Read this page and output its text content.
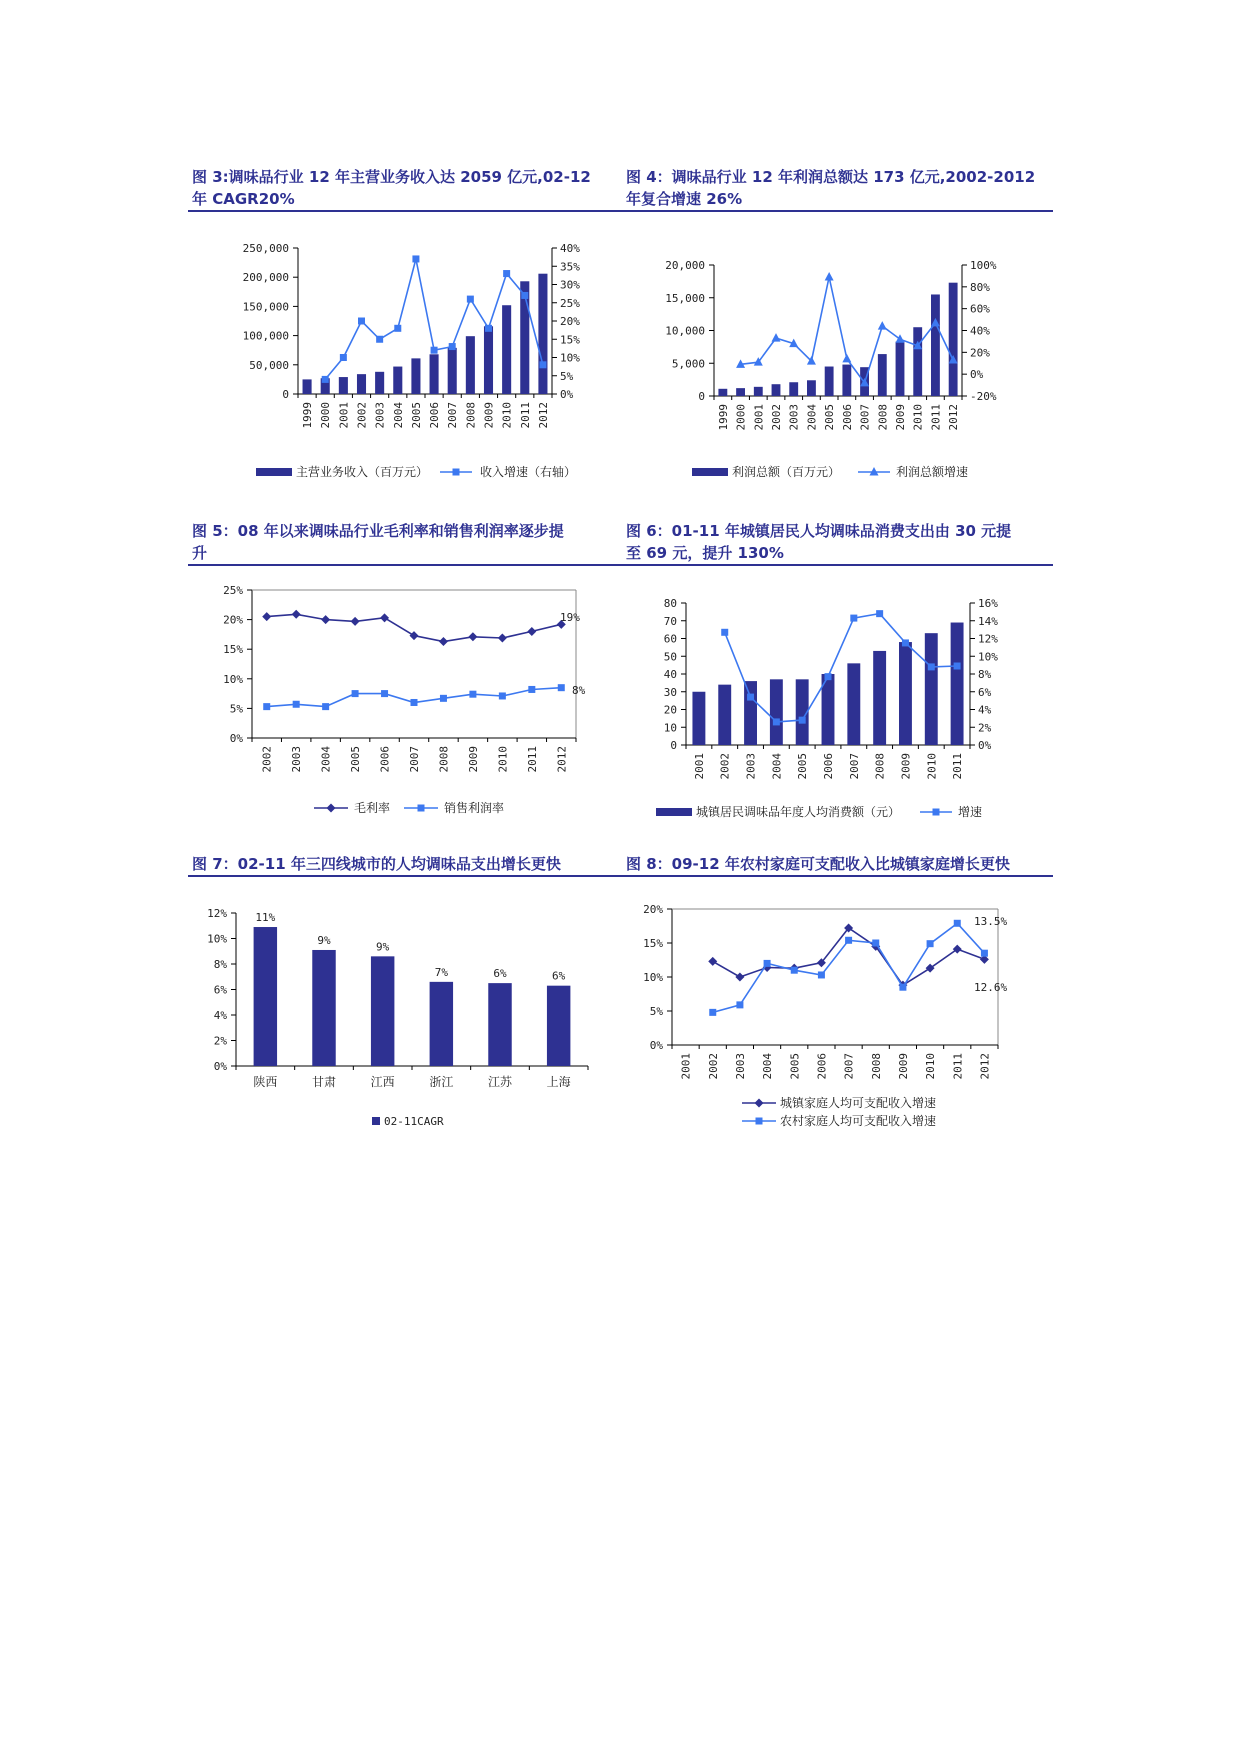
图 3:调味品行业 12 年主营业务收入达 2059 亿元,02-12
年 CAGR20%
图 4：调味品行业 12 年利润总额达 173 亿元,2002-2012
年复合增速 26%
图 5：08 年以来调味品行业毛利率和销售利润率逐步提
升
图 6：01-11 年城镇居民人均调味品消费支出由 30 元提
至 69 元，提升 130%
图 7：02-11 年三四线城市的人均调味品支出增长更快	图 8：09-12 年农村家庭可支配收入比城镇家庭增长更快
0
50,000
100,000
150,000
200,000
250,000
0%
5%
10%
15%
20%
25%
30%
35%
40%
1999 2000 2001 2002 2003 2004 2005 2006 2007 2008 2009 2010 2011 2012
主营业务收入（百万元）	收入增速（右轴）
0
5,000
10,000
15,000
20,000
-20%
0%
20%
40%
60%
80%
100%
1999 2000 2001 2002 2003 2004 2005 2006 2007 2008 2009 2010 2011 2012
利润总额（百万元）	利润总额增速
0%
5%
10%
15%
20%
25%
2002 2003 2004 2005 2006 2007 2008 2009 2010 2011 2012
19%
8%
毛利率	销售利润率
0
10
20
30
40
50
60
70
80
0%
2%
4%
6%
8%
10%
12%
14%
16%
2001 2002 2003 2004 2005 2006 2007 2008 2009 2010 2011
城镇居民调味品年度人均消费额（元）	增速
0%
2%
4%
6%
8%
10%
12%
陕西	甘肃	江西	浙江	江苏	上海
11%
9%	9%
7%	6%	6%
02-11CAGR
0%
5%
10%
15%
20%
2001 2002 2003 2004 2005 2006 2007 2008 2009 2010 2011 2012
13.5%
12.6%
城镇家庭人均可支配收入增速
农村家庭人均可支配收入增速
